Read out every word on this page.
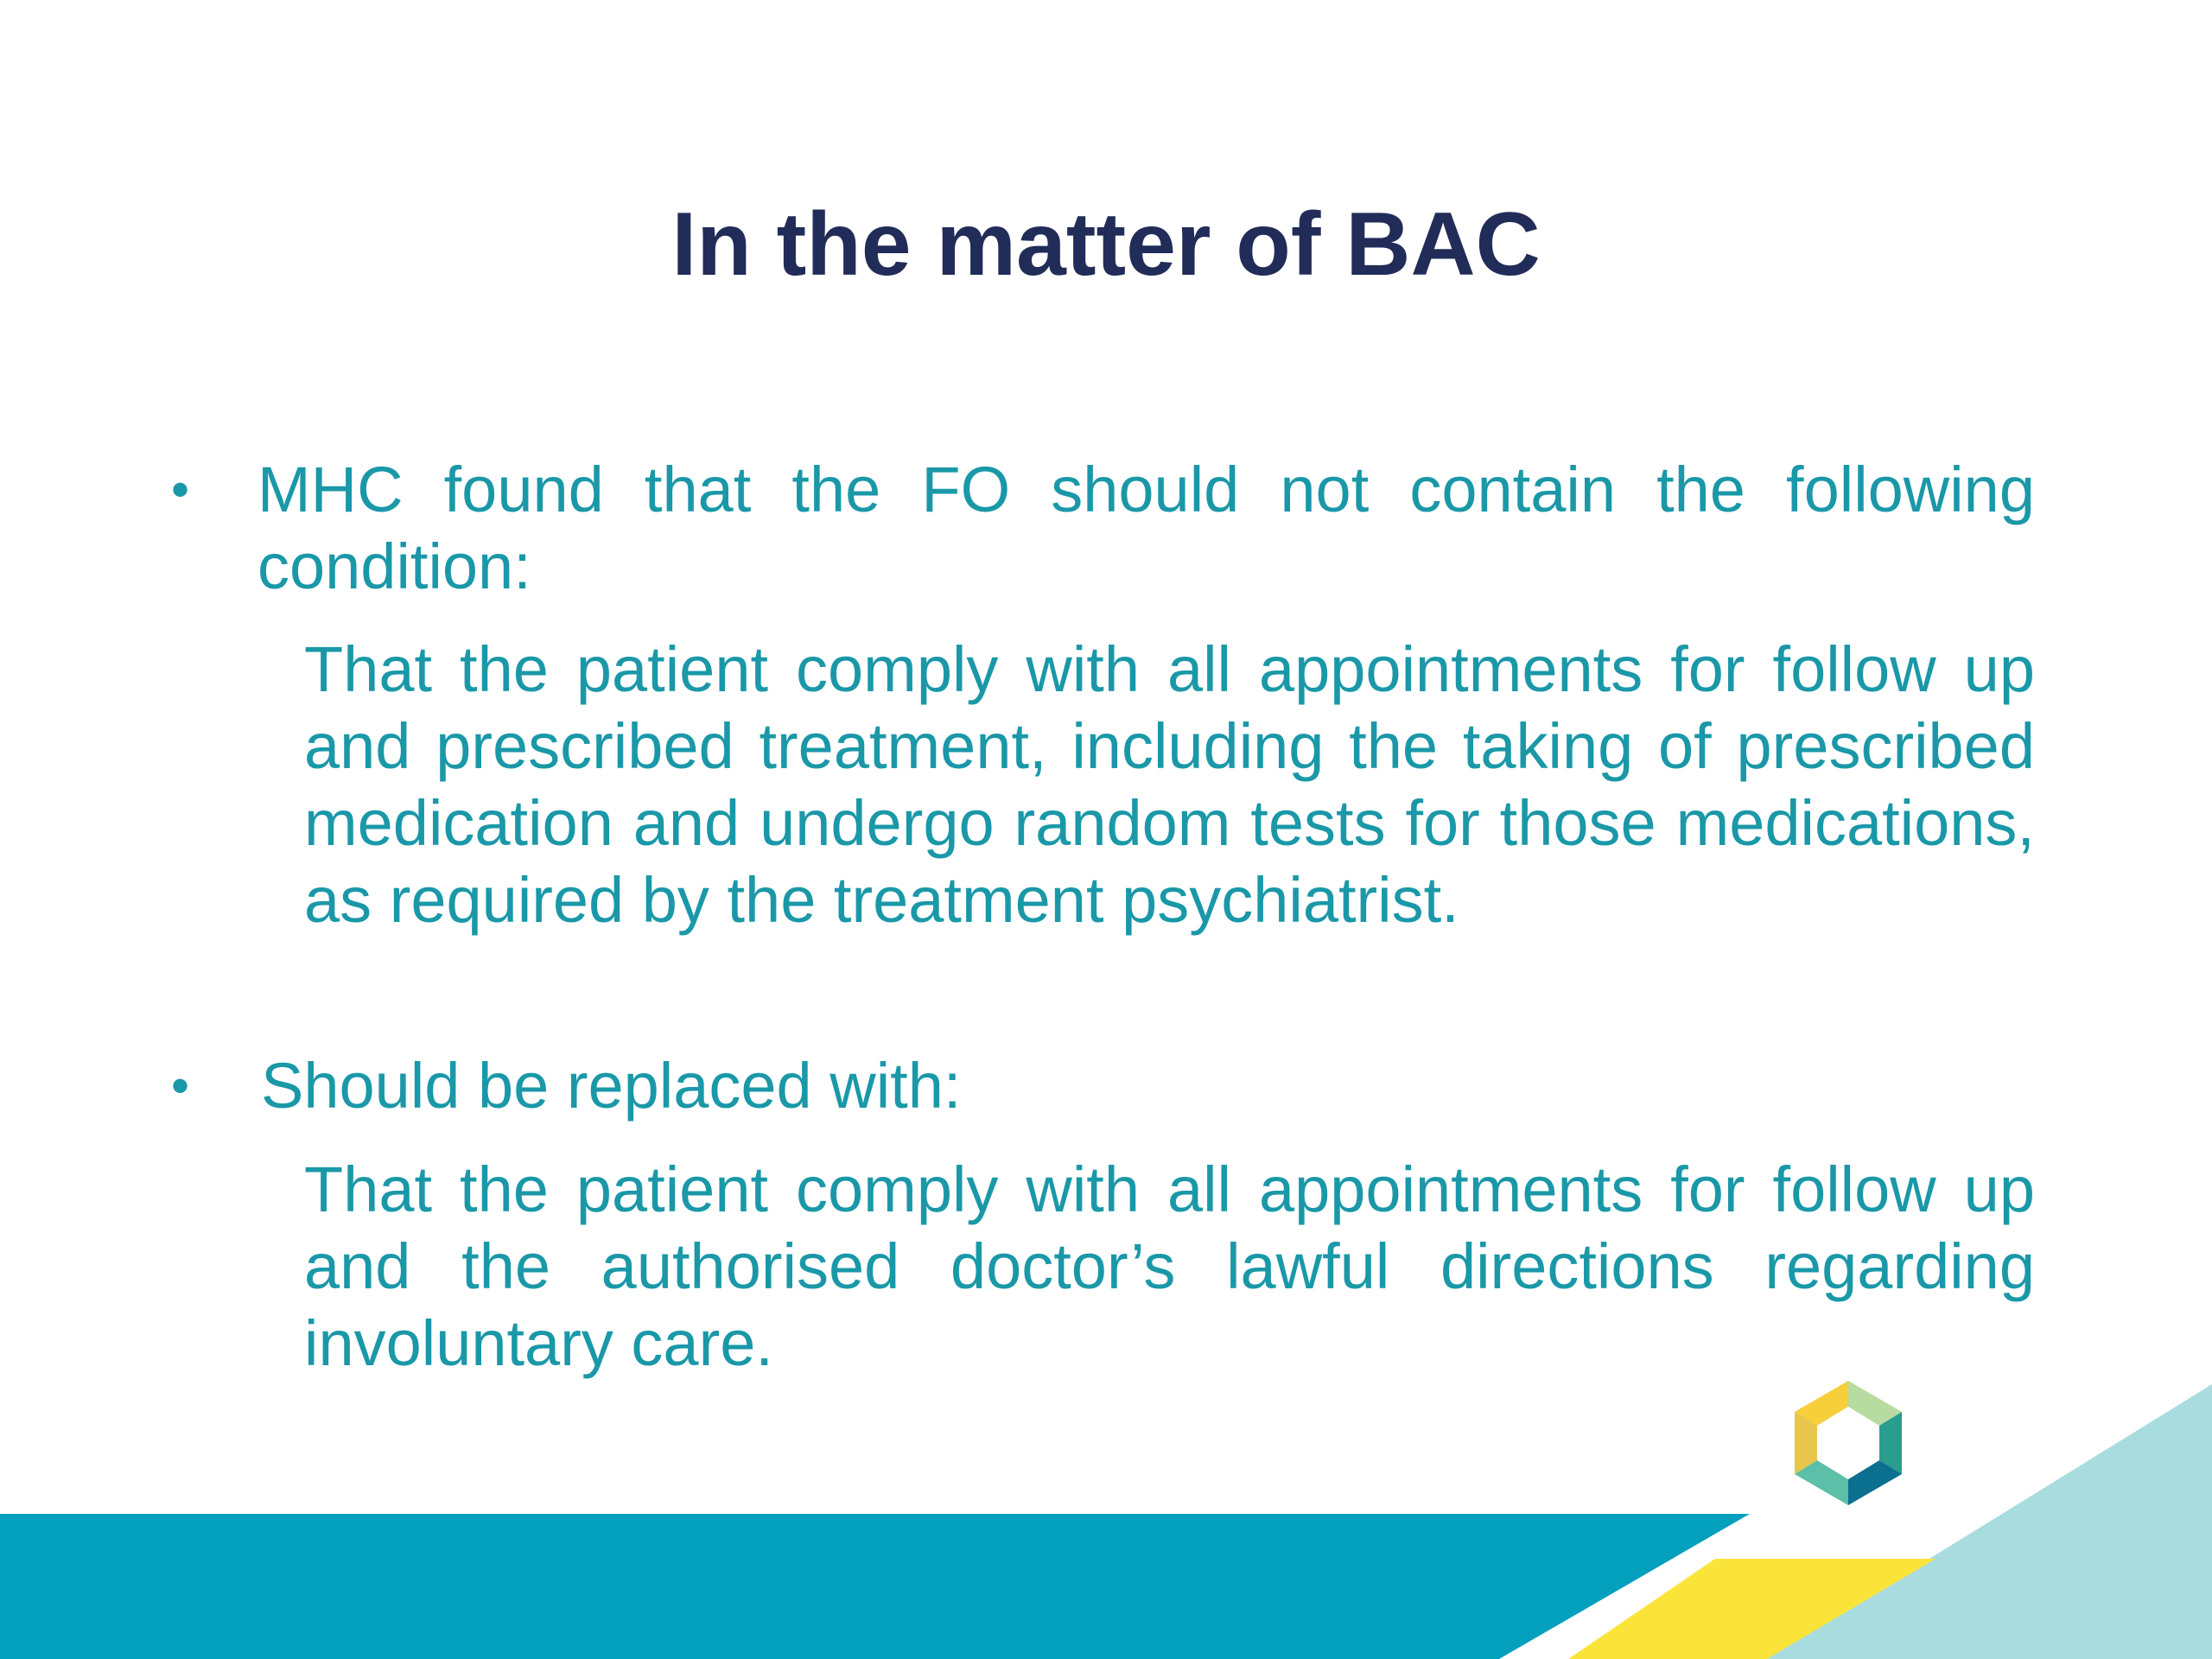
In the matter of BAC
• MHC found that the FO should not contain the following condition:

That the patient comply with all appointments for follow up and prescribed treatment, including the taking of prescribed medication and undergo random tests for those medications, as required by the treatment psychiatrist.

• Should be replaced with:

That the patient comply with all appointments for follow up and the authorised doctor’s lawful directions regarding involuntary care.
